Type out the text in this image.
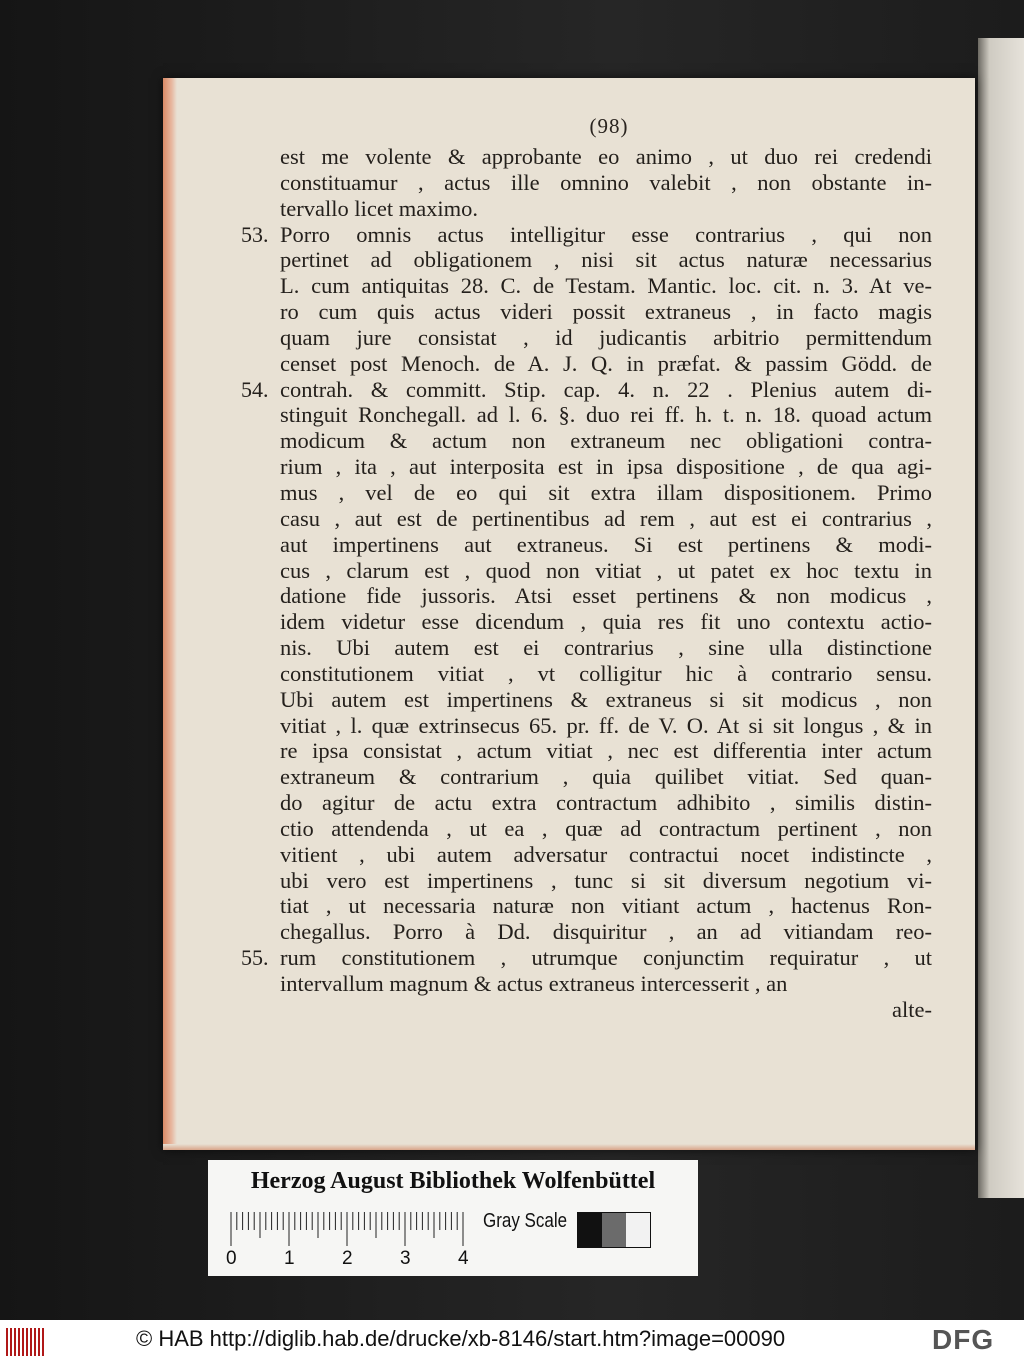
(98)
est me volente & approbante eo animo , ut duo rei credendi
constituamur , actus ille omnino valebit , non obstante in-
tervallo licet maximo.
Porro omnis actus intelligitur esse contrarius , qui non
pertinet ad obligationem , nisi sit actus naturæ necessarius
L. cum antiquitas 28. C. de Testam. Mantic. loc. cit. n. 3. At ve-
ro cum quis actus videri possit extraneus , in facto magis
quam jure consistat , id judicantis arbitrio permittendum
censet post Menoch. de A. J. Q. in præfat. & passim Gödd. de
contrah. & committ. Stip. cap. 4. n. 22 . Plenius autem di-
stinguit Ronchegall. ad l. 6. §. duo rei ff. h. t. n. 18. quoad actum
modicum & actum non extraneum nec obligationi contra-
rium , ita , aut interposita est in ipsa dispositione , de qua agi-
mus , vel de eo qui sit extra illam dispositionem. Primo
casu , aut est de pertinentibus ad rem , aut est ei contrarius ,
aut impertinens aut extraneus. Si est pertinens & modi-
cus , clarum est , quod non vitiat , ut patet ex hoc textu in
datione fide jussoris. Atsi esset pertinens & non modicus ,
idem videtur esse dicendum , quia res fit uno contextu actio-
nis. Ubi autem est ei contrarius , sine ulla distinctione
constitutionem vitiat , vt colligitur hic à contrario sensu.
Ubi autem est impertinens & extraneus si sit modicus , non
vitiat , l. quæ extrinsecus 65. pr. ff. de V. O. At si sit longus , & in
re ipsa consistat , actum vitiat , nec est differentia inter actum
extraneum & contrarium , quia quilibet vitiat. Sed quan-
do agitur de actu extra contractum adhibito , similis distin-
ctio attendenda , ut ea , quæ ad contractum pertinent , non
vitient , ubi autem adversatur contractui nocet indistincte ,
ubi vero est impertinens , tunc si sit diversum negotium vi-
tiat , ut necessaria naturæ non vitiant actum , hactenus Ron-
chegallus. Porro à Dd. disquiritur , an ad vitiandam reo-
rum constitutionem , utrumque conjunctim requiratur , ut
intervallum magnum & actus extraneus intercesserit , an
alte-
53.
54.
55.
Herzog August Bibliothek Wolfenbüttel
0 1 2 3 4
Gray Scale
© HAB http://diglib.hab.de/drucke/xb-8146/start.htm?image=00090	DFG
